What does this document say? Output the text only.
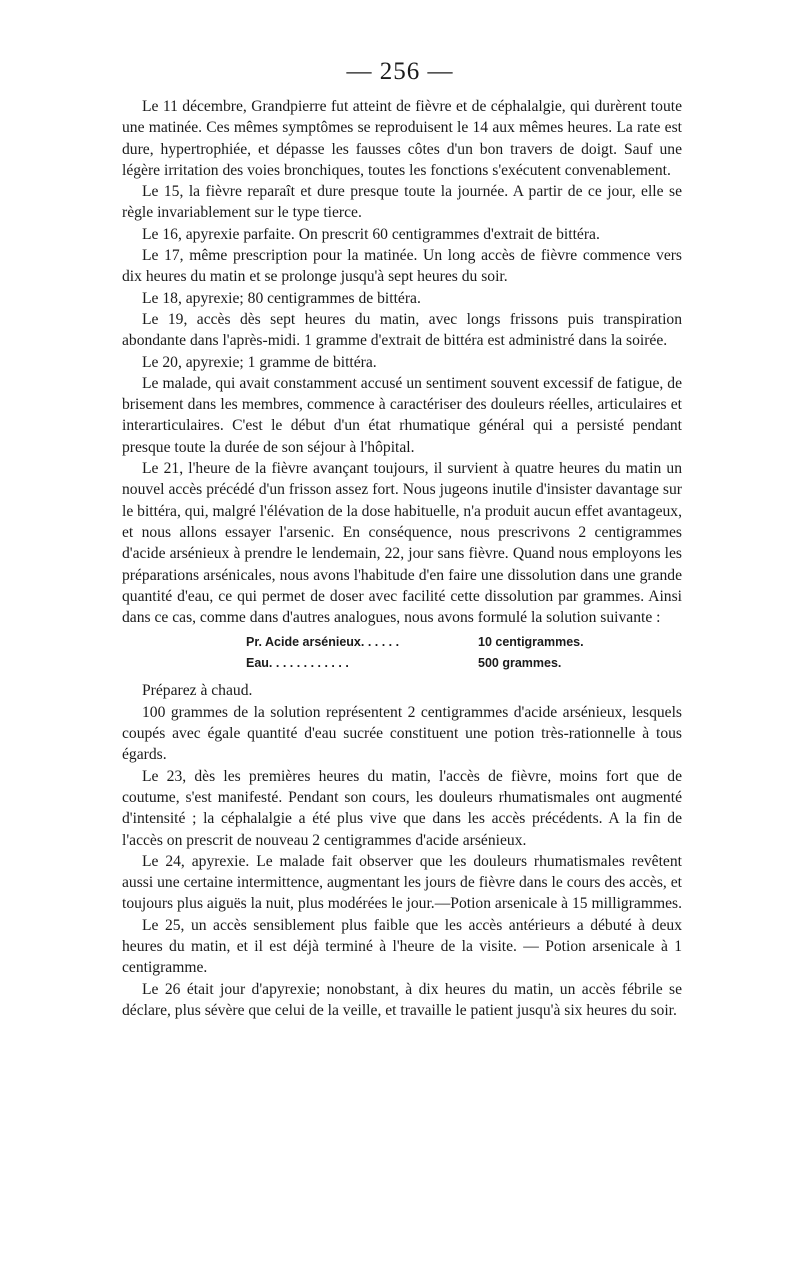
— 256 —

Le 11 décembre, Grandpierre fut atteint de fièvre et de céphalalgie, qui durèrent toute une matinée. Ces mêmes symptômes se reproduisent le 14 aux mêmes heures. La rate est dure, hypertrophiée, et dépasse les fausses côtes d'un bon travers de doigt. Sauf une légère irritation des voies bronchiques, toutes les fonctions s'exécutent convenablement.

Le 15, la fièvre reparaît et dure presque toute la journée. A partir de ce jour, elle se règle invariablement sur le type tierce.

Le 16, apyrexie parfaite. On prescrit 60 centigrammes d'extrait de bittéra.

Le 17, même prescription pour la matinée. Un long accès de fièvre commence vers dix heures du matin et se prolonge jusqu'à sept heures du soir.

Le 18, apyrexie; 80 centigrammes de bittéra.

Le 19, accès dès sept heures du matin, avec longs frissons puis transpiration abondante dans l'après-midi. 1 gramme d'extrait de bittéra est administré dans la soirée.

Le 20, apyrexie; 1 gramme de bittéra.

Le malade, qui avait constamment accusé un sentiment souvent excessif de fatigue, de brisement dans les membres, commence à caractériser des douleurs réelles, articulaires et interarticulaires. C'est le début d'un état rhumatique général qui a persisté pendant presque toute la durée de son séjour à l'hôpital.

Le 21, l'heure de la fièvre avançant toujours, il survient à quatre heures du matin un nouvel accès précédé d'un frisson assez fort. Nous jugeons inutile d'insister davantage sur le bittéra, qui, malgré l'élévation de la dose habituelle, n'a produit aucun effet avantageux, et nous allons essayer l'arsenic. En conséquence, nous prescrivons 2 centigrammes d'acide arsénieux à prendre le lendemain, 22, jour sans fièvre. Quand nous employons les préparations arsénicales, nous avons l'habitude d'en faire une dissolution dans une grande quantité d'eau, ce qui permet de doser avec facilité cette dissolution par grammes. Ainsi dans ce cas, comme dans d'autres analogues, nous avons formulé la solution suivante :

Pr. Acide arsénieux. . . . . .	10 centigrammes.
Eau. . . . . . . . . . . .	500 grammes.

Préparez à chaud.

100 grammes de la solution représentent 2 centigrammes d'acide arsénieux, lesquels coupés avec égale quantité d'eau sucrée constituent une potion très-rationnelle à tous égards.

Le 23, dès les premières heures du matin, l'accès de fièvre, moins fort que de coutume, s'est manifesté. Pendant son cours, les douleurs rhumatismales ont augmenté d'intensité ; la céphalalgie a été plus vive que dans les accès précédents. A la fin de l'accès on prescrit de nouveau 2 centigrammes d'acide arsénieux.

Le 24, apyrexie. Le malade fait observer que les douleurs rhumatismales revêtent aussi une certaine intermittence, augmentant les jours de fièvre dans le cours des accès, et toujours plus aiguës la nuit, plus modérées le jour.—Potion arsenicale à 15 milligrammes.

Le 25, un accès sensiblement plus faible que les accès antérieurs a débuté à deux heures du matin, et il est déjà terminé à l'heure de la visite. — Potion arsenicale à 1 centigramme.

Le 26 était jour d'apyrexie; nonobstant, à dix heures du matin, un accès fébrile se déclare, plus sévère que celui de la veille, et travaille le patient jusqu'à six heures du soir.
